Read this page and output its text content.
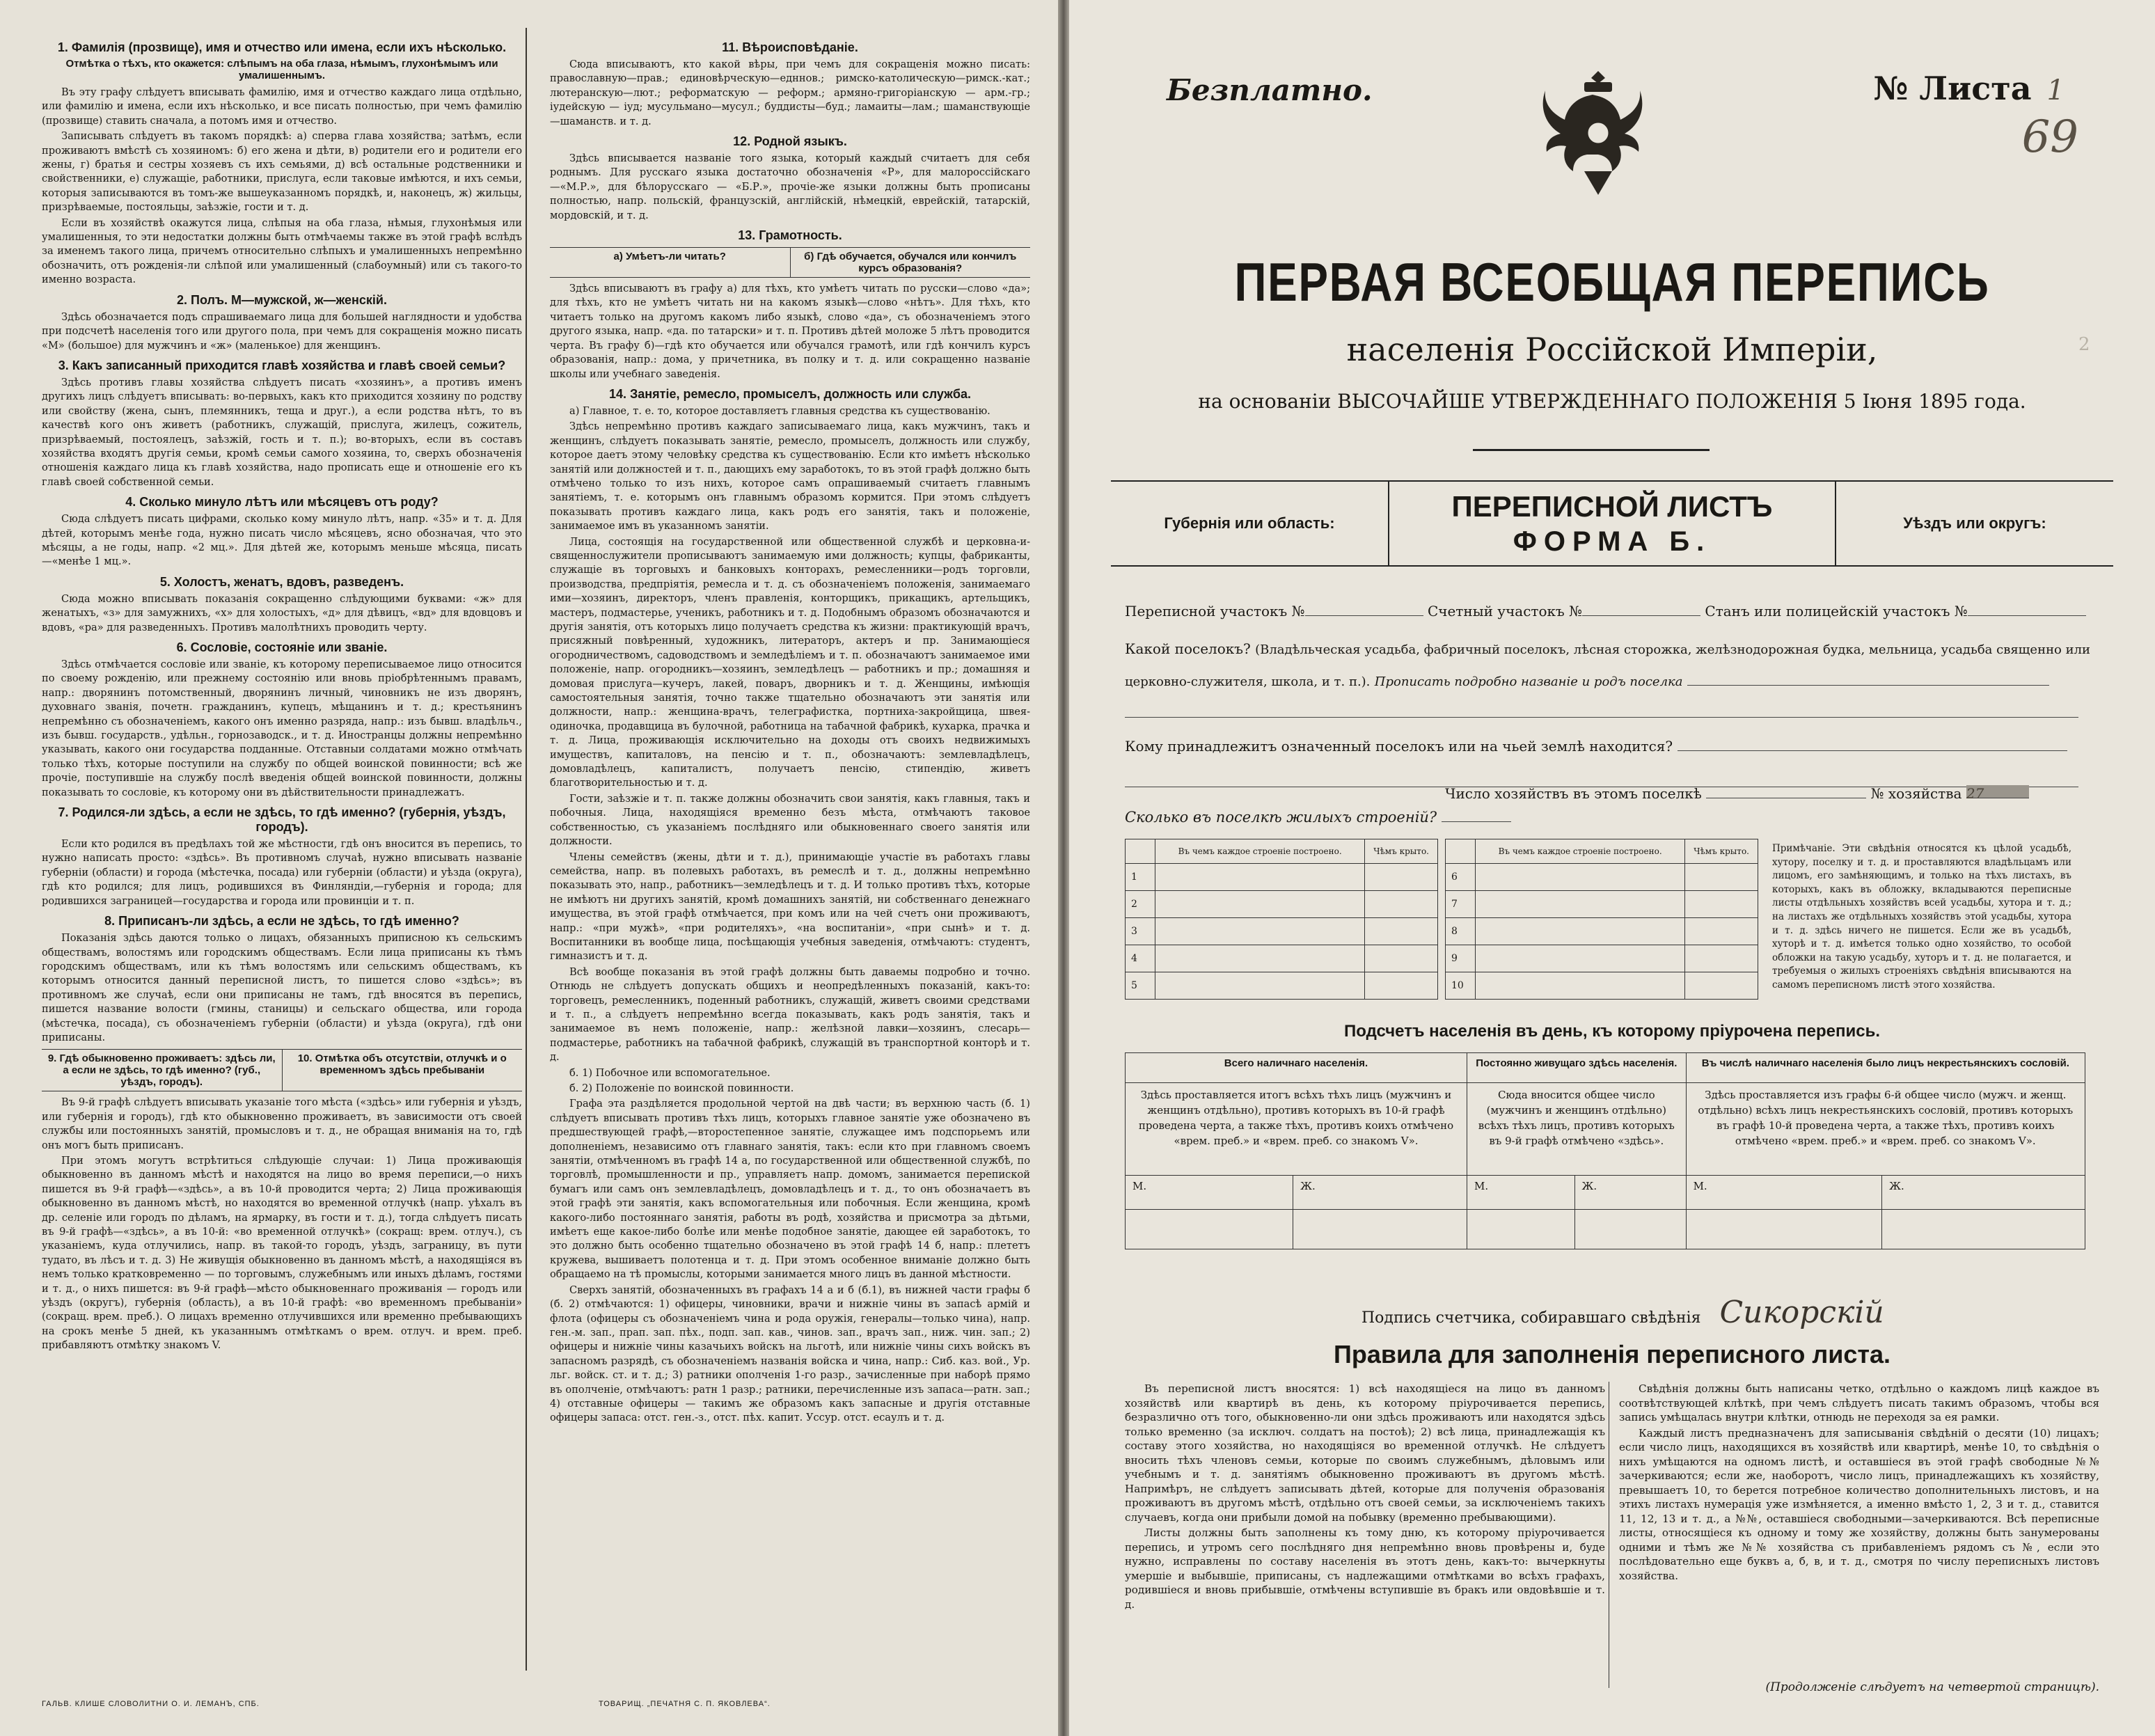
1. Фамилія (прозвище), имя и отчество или имена, если ихъ нѣсколько.
Отмѣтка о тѣхъ, кто окажется: слѣпымъ на оба глаза, нѣмымъ, глухонѣмымъ или умалишеннымъ.

Въ эту графу слѣдуетъ вписывать фамилію, имя и отчество каждаго лица отдѣльно, или фамилію и имена, если ихъ нѣсколько, и все писать полностью, при чемъ фамилію (прозвище) ставить сначала, а потомъ имя и отчество.

Записывать слѣдуетъ въ такомъ порядкѣ: а) сперва глава хозяйства; затѣмъ, если проживаютъ вмѣстѣ съ хозяиномъ: б) его жена и дѣти, в) родители его и родители его жены, г) братья и сестры хозяевъ съ ихъ семьями, д) всѣ остальные родственники и свойственники, е) служащіе, работники, прислуга, если таковые имѣются, и ихъ семьи, которыя записываются въ томъ-же вышеуказанномъ порядкѣ, и, наконецъ, ж) жильцы, призрѣваемые, постояльцы, заѣзжіе, гости и т. д.

Если въ хозяйствѣ окажутся лица, слѣпыя на оба глаза, нѣмыя, глухонѣмыя или умалишенныя, то эти недостатки должны быть отмѣчаемы также въ этой графѣ вслѣдъ за именемъ такого лица, причемъ относительно слѣпыхъ и умалишенныхъ непремѣнно обозначить, отъ рожденія-ли слѣпой или умалишенный (слабоумный) или съ такого-то именно возраста.

2. Полъ. М—мужской, ж—женскій.

Здѣсь обозначается подъ спрашиваемаго лица для большей наглядности и удобства при подсчетѣ населенія того или другого пола, при чемъ для сокращенія можно писать «М» (большое) для мужчинъ и «ж» (маленькое) для женщинъ.

3. Какъ записанный приходится главѣ хозяйства и главѣ своей семьи?

Здѣсь противъ главы хозяйства слѣдуетъ писать «хозяинъ», а противъ именъ другихъ лицъ слѣдуетъ вписывать: во-первыхъ, какъ кто приходится хозяину по родству или свойству (жена, сынъ, племянникъ, теща и друг.), а если родства нѣтъ, то въ качествѣ кого онъ живетъ (работникъ, служащій, прислуга, жилецъ, сожитель, призрѣваемый, постоялецъ, заѣзжій, гость и т. п.); во-вторыхъ, если въ составъ хозяйства входятъ другія семьи, кромѣ семьи самого хозяина, то, сверхъ обозначенія отношенія каждаго лица къ главѣ хозяйства, надо прописать еще и отношеніе его къ главѣ своей собственной семьи.

4. Сколько минуло лѣтъ или мѣсяцевъ отъ роду?

Сюда слѣдуетъ писать цифрами, сколько кому минуло лѣтъ, напр. «35» и т. д. Для дѣтей, которымъ менѣе года, нужно писать число мѣсяцевъ, ясно обозначая, что это мѣсяцы, а не годы, напр. «2 мц.». Для дѣтей же, которымъ меньше мѣсяца, писать—«менѣе 1 мц.».

5. Холостъ, женатъ, вдовъ, разведенъ.

Сюда можно вписывать показанія сокращенно слѣдующими буквами: «ж» для женатыхъ, «з» для замужнихъ, «х» для холостыхъ, «д» для дѣвицъ, «вд» для вдовцовъ и вдовъ, «ра» для разведенныхъ. Противъ малолѣтнихъ проводить черту.

6. Сословіе, состояніе или званіе.

Здѣсь отмѣчается сословіе или званіе, къ которому переписываемое лицо относится по своему рожденію, или прежнему состоянію или вновь пріобрѣтеннымъ правамъ, напр.: дворянинъ потомственный, дворянинъ личный, чиновникъ не изъ дворянъ, духовнаго званія, почетн. гражданинъ, купецъ, мѣщанинъ и т. д.; крестьянинъ непремѣнно съ обозначеніемъ, какого онъ именно разряда, напр.: изъ бывш. владѣльч., изъ бывш. государств., удѣльн., горнозаводск., и т. д. Иностранцы должны непремѣнно указывать, какого они государства подданные. Отставныи солдатами можно отмѣчать только тѣхъ, которые поступили на службу по общей воинской повинности; всѣ же прочіе, поступившіе на службу послѣ введенія общей воинской повинности, должны показывать то сословіе, къ которому они въ дѣйствительности принадлежатъ.

7. Родился-ли здѣсь, а если не здѣсь, то гдѣ именно? (губернія, уѣздъ, городъ).

Если кто родился въ предѣлахъ той же мѣстности, гдѣ онъ вносится въ перепись, то нужно написать просто: «здѣсь». Въ противномъ случаѣ, нужно вписывать названіе губерніи (области) и города (мѣстечка, посада) или губерніи (области) и уѣзда (округа), гдѣ кто родился; для лицъ, родившихся въ Финляндіи,—губернія и города; для родившихся заграницей—государства и города или провинціи и т. п.

8. Приписанъ-ли здѣсь, а если не здѣсь, то гдѣ именно?

Показанія здѣсь даются только о лицахъ, обязанныхъ приписною къ сельскимъ обществамъ, волостямъ или городскимъ обществамъ. Если лица приписаны къ тѣмъ городскимъ обществамъ, или къ тѣмъ волостямъ или сельскимъ обществамъ, къ которымъ относится данный переписной листъ, то пишется слово «здѣсь»; въ противномъ же случаѣ, если они приписаны не тамъ, гдѣ вносятся въ перепись, пишется название волости (гмины, станицы) и сельскаго общества, или города (мѣстечка, посада), съ обозначеніемъ губерніи (области) и уѣзда (округа), гдѣ они приписаны.

9. Гдѣ обыкновенно проживаетъ: здѣсь ли, а если не здѣсь, то гдѣ именно? (губ., уѣздъ, городъ).
10. Отмѣтка объ отсутствіи, отлучкѣ и о временномъ здѣсь пребываніи

Въ 9-й графѣ слѣдуетъ вписывать указаніе того мѣста («здѣсь» или губернія и уѣздъ, или губернія и городъ), гдѣ кто обыкновенно проживаетъ, въ зависимости отъ своей службы или постоянныхъ занятій, промысловъ и т. д., не обращая вниманія на то, гдѣ онъ могъ быть приписанъ.

При этомъ могутъ встрѣтиться слѣдующіе случаи: 1) Лица проживающія обыкновенно въ данномъ мѣстѣ и находятся на лицо во время переписи,—о нихъ пишется въ 9-й графѣ—«здѣсь», а въ 10-й проводится черта; 2) Лица проживающія обыкновенно въ данномъ мѣстѣ, но находятся во временной отлучкѣ (напр. уѣхалъ въ др. селеніе или городъ по дѣламъ, на ярмарку, въ гости и т. д.), тогда слѣдуетъ писать въ 9-й графѣ—«здѣсь», а въ 10-й: «во временной отлучкѣ» (сокращ: врем. отлуч.), съ указаніемъ, куда отлучились, напр. въ такой-то городъ, уѣздъ, заграницу, въ пути тудатo, въ лѣсъ и т. д. 3) Не живущія обыкновенно въ данномъ мѣстѣ, а находящіяся въ немъ только кратковременно — по торговымъ, служебнымъ или иныхъ дѣламъ, гостями и т. д., о нихъ пишется: въ 9-й графѣ—мѣсто обыкновеннаго проживанія — городъ или уѣздъ (округъ), губернія (область), а въ 10-й графѣ: «во временномъ пребываніи» (сокращ. врем. преб.). О лицахъ временно отлучившихся или временно пребывающихъ на срокъ менѣе 5 дней, къ указаннымъ отмѣткамъ о врем. отлуч. и врем. преб. прибавляютъ отмѣтку знакомъ V.

11. Вѣроисповѣданіе.

Сюда вписываютъ, кто какой вѣры, при чемъ для сокращенія можно писать: православную—прав.; единовѣрческую—едннов.; римско-католическую—римск.-кат.; лютеранскую—лют.; реформатскую — реформ.; армяно-григоріанскую — арм.-гр.; іудейскую — іуд; мусульманo—мусул.; буддисты—буд.; ламаиты—лам.; шаманствующіе—шаманств. и т. д.

12. Родной языкъ.

Здѣсь вписывается названіе того языка, который каждый считаетъ для себя роднымъ. Для русскаго языка достаточно обозначенія «Р», для малороссійскаго—«М.Р.», для бѣлорусскаго — «Б.Р.», прочіе-же языки должны быть прописаны полностью, напр. польскій, французскій, англійскій, нѣмецкій, еврейскій, татарскій, мордовскій, и т. д.

13. Грамотность.
а) Умѣетъ-ли читать?	б) Гдѣ обучается, обучался или кончилъ курсъ образованія?

Здѣсь вписываютъ въ графу а) для тѣхъ, кто умѣетъ читать по русски—слово «да»; для тѣхъ, кто не умѣетъ читать ни на какомъ языкѣ—слово «нѣтъ». Для тѣхъ, кто читаетъ только на другомъ какомъ либо языкѣ, слово «да», съ обозначеніемъ этого другого языка, напр. «да. по татарски» и т. п. Противъ дѣтей моложе 5 лѣтъ проводится черта. Въ графу б)—гдѣ кто обучается или обучался грамотѣ, или гдѣ кончилъ курсъ образованія, напр.: дома, у причетника, въ полку и т. д. или сокращенно названіе школы или учебнаго заведенія.

14. Занятіе, ремесло, промыселъ, должность или служба.

а) Главное, т. е. то, которое доставляетъ главныя средства къ существованію.

Здѣсь непремѣнно противъ каждаго записываемаго лица, какъ мужчинъ, такъ и женщинъ, слѣдуетъ показывать занятіе, ремесло, промыселъ, должность или службу, которое даетъ этому человѣку средства къ существованію. Если кто имѣетъ нѣсколько занятій или должностей и т. п., дающихъ ему заработокъ, то въ этой графѣ должно быть отмѣчено только то изъ нихъ, которое самъ опрашиваемый считаетъ главнымъ занятіемъ, т. е. которымъ онъ главнымъ образомъ кормится. При этомъ слѣдуетъ показывать противъ каждаго лица, какъ родъ его занятія, такъ и положеніе, занимаемое имъ въ указанномъ занятіи.

Лица, состоящія на государственной или общественной службѣ и церковна-и-священнослужители прописываютъ занимаемую ими должность; купцы, фабриканты, служащіе въ торговыхъ и банковыхъ конторахъ, ремесленники—родъ торговли, производства, предпріятія, ремесла и т. д. съ обозначеніемъ положенія, занимаемаго ими—хозяинъ, директоръ, членъ правленія, конторщикъ, прикащикъ, артельщикъ, мастеръ, подмастерье, ученикъ, работникъ и т. д. Подобнымъ образомъ обозначаются и другія занятія, отъ которыхъ лицо получаетъ средства къ жизни: практикующій врачъ, присяжный повѣренный, художникъ, литераторъ, актеръ и пр. Занимающіеся огородничествомъ, садоводствомъ и земледѣліемъ и т. п. обозначаютъ занимаемое ими положеніе, напр. огородникъ—хозяинъ, земледѣлецъ — работникъ и пр.; домашняя и домовая прислуга—кучеръ, лакей, поваръ, дворникъ и т. д. Женщины, имѣющія самостоятельныя занятія, точно также тщательно обозначаютъ эти занятія или должности, напр.: женщина-врачъ, телеграфистка, портниха-закройщица, швея-одиночка, продавщица въ булочной, работница на табачной фабрикѣ, кухарка, прачка и т. д. Лица, проживающія исключительно на доходы отъ своихъ недвижимыхъ имуществъ, капиталовъ, на пенсію и т. п., обозначаютъ: землевладѣлецъ, домовладѣлецъ, капиталистъ, получаетъ пенсію, стипендію, живетъ благотворительностью и т. д.

Гости, заѣзжіе и т. п. также должны обозначить свои занятія, какъ главныя, такъ и побочныя. Лица, находящіяся временно безъ мѣста, отмѣчаютъ таковое собственностью, съ указаніемъ послѣдняго или обыкновеннаго своего занятія или должности.

Члены семействъ (жены, дѣти и т. д.), принимающіе участіе въ работахъ главы семейства, напр. въ полевыхъ работахъ, въ ремеслѣ и т. д., должны непремѣнно показывать это, напр., работникъ—земледѣлецъ и т. д. И только противъ тѣхъ, которые не имѣютъ ни другихъ занятій, кромѣ домашнихъ занятій, ни собственнаго денежнаго имущества, въ этой графѣ отмѣчается, при комъ или на чей счетъ они проживаютъ, напр.: «при мужѣ», «при родителяхъ», «на воспитаніи», «при сынѣ» и т. д. Воспитанники въ вообще лица, посѣщающія учебныя заведенія, отмѣчаютъ: студентъ, гимназистъ и т. д.

Всѣ вообще показанія въ этой графѣ должны быть даваемы подробно и точно. Отнюдь не слѣдуетъ допускать общихъ и неопредѣленныхъ показаній, какъ-то: торговецъ, ремесленникъ, поденный работникъ, служащій, живетъ своими средствами и т. п., а слѣдуетъ непремѣнно всегда показывать, какъ родъ занятія, такъ и занимаемое въ немъ положеніе, напр.: желѣзной лавки—хозяинъ, слесарь—подмастерье, работникъ на табачной фабрикѣ, служащій въ транспортной конторѣ и т. д.

б. 1) Побочное или вспомогательное.

б. 2) Положеніе по воинской повинности.

Графа эта раздѣляется продольной чертой на двѣ части; въ верхнюю часть (б. 1) слѣдуетъ вписывать противъ тѣхъ лицъ, которыхъ главное занятіе уже обозначено въ предшествующей графѣ,—второстепенное занятіе, служащее имъ подспорьемъ или дополненіемъ, независимо отъ главнаго занятія, такъ: если кто при главномъ своемъ занятіи, отмѣченномъ въ графѣ 14 а, по государственной или общественной службѣ, по торговлѣ, промышленности и пр., управляетъ напр. домомъ, занимается перепиской бумагъ или самъ онъ землевладѣлецъ, домовладѣлецъ и т. д., то онъ обозначаетъ въ этой графѣ эти занятія, какъ вспомогательныя или побочныя. Если женщина, кромѣ какого-либо постояннаго занятія, работы въ родѣ, хозяйства и присмотра за дѣтьми, имѣетъ еще какое-либо болѣе или менѣе подобное занятіе, дающее ей заработокъ, то это должно быть особенно тщательно обозначено въ этой графѣ 14 б, напр.: плететъ кружева, вышиваетъ полотенца и т. д. При этомъ особенное вниманіе должно быть обращаемо на тѣ промыслы, которыми занимается много лицъ въ данной мѣстности.

Сверхъ занятій, обозначенныхъ въ графахъ 14 а и б (б.1), въ нижней части графы б (б. 2) отмѣчаются: 1) офицеры, чиновники, врачи и нижніе чины въ запасѣ армій и флота (офицеры съ обозначеніемъ чина и рода оружія, генералы—только чина), напр. ген.-м. зап., прап. зап. пѣх., подп. зап. кав., чинов. зап., врачъ зап., ниж. чин. зап.; 2) офицеры и нижніе чины казачьихъ войскъ на льготѣ, или нижніе чины сихъ войскъ въ запасномъ разрядѣ, съ обозначеніемъ названія войска и чина, напр.: Сиб. каз. вой., Ур. льг. войск. ст. и т. д.; 3) ратники ополченія 1-го разр., зачисленные при наборѣ прямо въ ополченіе, отмѣчаютъ: ратн 1 разр.; ратники, перечисленные изъ запаса—ратн. зап.; 4) отставные офицеры — такимъ же образомъ какъ запасные и другія отставные офицеры запаса: отст. ген.-з., отст. пѣх. капит. Уссур. отст. есаулъ и т. д.

ГАЛЬВ. КЛИШЕ СЛОВОЛИТНИ О. И. ЛЕМАНЪ, СПБ.	ТОВАРИЩ. „ПЕЧАТНЯ С. П. ЯКОВЛЕВА“.
2
Безплатно.	№ Листа 1
69
ПЕРВАЯ ВСЕОБЩАЯ ПЕРЕПИСЬ
населенія Россійской Имперіи,
на основаніи ВЫСОЧАЙШЕ УТВЕРЖДЕННАГО ПОЛОЖЕНІЯ 5 Іюня 1895 года.
Губернія или область:
ПЕРЕПИСНОЙ ЛИСТЪ
ФОРМА Б.
Уѣздъ или округъ:
Переписной участокъ №	Счетный участокъ №	Станъ или полицейскій участокъ №
Какой поселокъ? (Владѣльческая усадьба, фабричный поселокъ, лѣсная сторожка, желѣзнодорожная будка, мельница, усадьба священно или
церковно-служителя, школа, и т. п.). Прописать подробно названіе и родъ поселка
Кому принадлежитъ означенный поселокъ или на чьей землѣ находится?
Число хозяйствъ въ этомъ поселкѣ	№ хозяйства 27
Сколько въ поселкѣ жилыхъ строеній?
	Въ чемъ каждое строеніе построено.	Чѣмъ крыто.
1		
2		
3		
4		
5		
	Въ чемъ каждое строеніе построено.	Чѣмъ крыто.
6		
7		
8		
9		
10		
Примѣчаніе. Эти свѣдѣнія относятся къ цѣлой усадьбѣ, хутору, поселку и т. д. и проставляются владѣльцамъ или лицомъ, его замѣняющимъ, и только на тѣхъ листахъ, въ которыхъ, какъ въ обложку, вкладываются переписные листы отдѣльныхъ хозяйствъ всей усадьбы, хутора и т. д.; на листахъ же отдѣльныхъ хозяйствъ этой усадьбы, хутора и т. д. здѣсь ничего не пишется. Если же въ усадьбѣ, хуторѣ и т. д. имѣется только одно хозяйство, то особой обложки на такую усадьбу, хуторъ и т. д. не полагается, и требуемыя о жилыхъ строеніяхъ свѣдѣнія вписываются на самомъ переписномъ листѣ этого хозяйства.
Подсчетъ населенія въ день, къ которому пріурочена перепись.
Всего наличнаго населенія.		Постоянно живущаго здѣсь населенія.		Въ числѣ наличнаго населенія было лицъ некрестьянскихъ сословій.	
Здѣсь проставляется итогъ всѣхъ тѣхъ лицъ (мужчинъ и женщинъ отдѣльно), противъ которыхъ въ 10-й графѣ проведена черта, а также тѣхъ, противъ коихъ отмѣчено «врем. преб.» и «врем. преб. со знакомъ V».		Сюда вносится общее число (мужчинъ и женщинъ отдѣльно) всѣхъ тѣхъ лицъ, противъ которыхъ въ 9-й графѣ отмѣчено «здѣсь».		Здѣсь проставляется изъ графы 6-й общее число (мужч. и женщ. отдѣльно) всѣхъ лицъ некрестьянскихъ сословій, противъ которыхъ въ графѣ 10-й проведена черта, а также тѣхъ, противъ коихъ отмѣчено «врем. преб.» и «врем. преб. со знакомъ V».	
М.	Ж.	М.	Ж.	М.	Ж.

Подпись счетчика, собиравшаго свѣдѣнія Сикорскій
Правила для заполненія переписного листа.

Въ переписной листъ вносятся: 1) всѣ находящіеся на лицо въ данномъ хозяйствѣ или квартирѣ въ день, къ которому пріурочивается перепись, безразлично отъ того, обыкновенно-ли они здѣсь проживаютъ или находятся здѣсь только временно (за исключ. солдатъ на постоѣ); 2) всѣ лица, принадлежащія къ составу этого хозяйства, но находящіяся во временной отлучкѣ. Не слѣдуетъ вносить тѣхъ членовъ семьи, которые по своимъ служебнымъ, дѣловымъ или учебнымъ и т. д. занятіямъ обыкновенно проживаютъ въ другомъ мѣстѣ. Напримѣръ, не слѣдуетъ записывать дѣтей, которые для полученія образованія проживаютъ въ другомъ мѣстѣ, отдѣльно отъ своей семьи, за исключеніемъ такихъ случаевъ, когда они прибыли домой на побывку (временно пребывающими).

Листы должны быть заполнены къ тому дню, къ которому пріурочивается перепись, и утромъ сего послѣдняго дня непремѣнно вновь провѣрены и, буде нужно, исправлены по составу населенія въ этотъ день, какъ-то: вычеркнуты умершіе и выбывшіе, приписаны, съ надлежащими отмѣтками во всѣхъ графахъ, родившіеся и вновь прибывшіе, отмѣчены вступившіе въ бракъ или овдовѣвшіе и т. д.

Свѣдѣнія должны быть написаны четко, отдѣльно о каждомъ лицѣ каждое въ соотвѣтствующей клѣткѣ, при чемъ слѣдуетъ писать такимъ образомъ, чтобы вся запись умѣщалась внутри клѣтки, отнюдь не переходя за ея рамки.

Каждый листъ предназначенъ для записыванія свѣдѣній о десяти (10) лицахъ; если число лицъ, находящихся въ хозяйствѣ или квартирѣ, менѣе 10, то свѣдѣнія о нихъ умѣщаются на одномъ листѣ, и оставшіеся въ этой графѣ свободные №№ зачеркиваются; если же, наоборотъ, число лицъ, принадлежащихъ къ хозяйству, превышаетъ 10, то берется потребное количество дополнительныхъ листовъ, и на этихъ листахъ нумерація уже измѣняется, а именно вмѣсто 1, 2, 3 и т. д., ставится 11, 12, 13 и т. д., а №№, оставшіеся свободными—зачеркиваются. Всѣ переписные листы, относящіеся къ одному и тому же хозяйству, должны быть занумерованы одними и тѣмъ же №№ хозяйства съ прибавленіемъ рядомъ съ №, если это послѣдовательно еще буквъ а, б, в, и т. д., смотря по числу переписныхъ листовъ хозяйства.

(Продолженіе слѣдуетъ на четвертой страницѣ).
